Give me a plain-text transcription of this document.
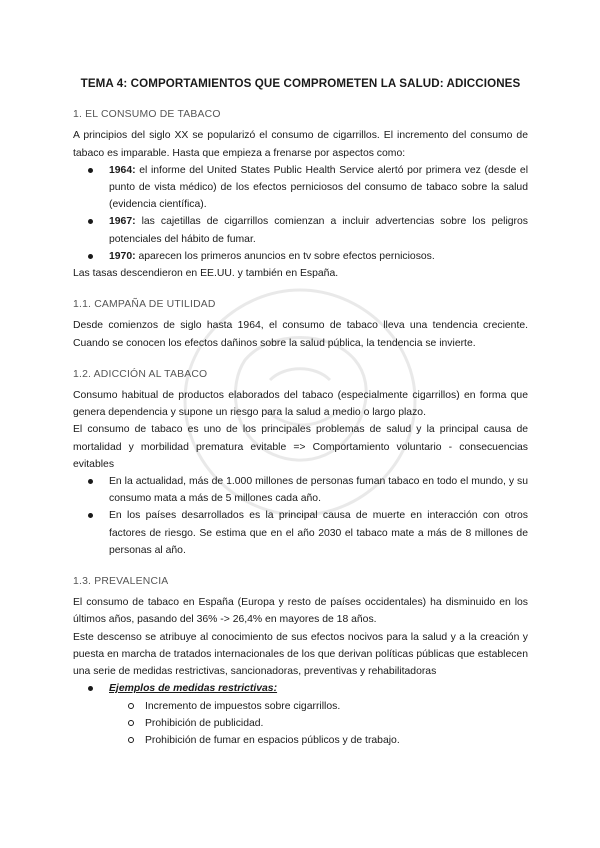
TEMA 4: COMPORTAMIENTOS QUE COMPROMETEN LA SALUD: ADICCIONES
1. EL CONSUMO DE TABACO

A principios del siglo XX se popularizó el consumo de cigarrillos. El incremento del consumo de tabaco es imparable. Hasta que empieza a frenarse por aspectos como:

1964: el informe del United States Public Health Service alertó por primera vez (desde el punto de vista médico) de los efectos perniciosos del consumo de tabaco sobre la salud (evidencia científica).
1967: las cajetillas de cigarrillos comienzan a incluir advertencias sobre los peligros potenciales del hábito de fumar.
1970: aparecen los primeros anuncios en tv sobre efectos perniciosos.

Las tasas descendieron en EE.UU. y también en España.

1.1. CAMPAÑA DE UTILIDAD

Desde comienzos de siglo hasta 1964, el consumo de tabaco lleva una tendencia creciente. Cuando se conocen los efectos dañinos sobre la salud pública, la tendencia se invierte.

1.2. ADICCIÓN AL TABACO

Consumo habitual de productos elaborados del tabaco (especialmente cigarrillos) en forma que genera dependencia y supone un riesgo para la salud a medio o largo plazo.

El consumo de tabaco es uno de los principales problemas de salud y la principal causa de mortalidad y morbilidad prematura evitable => Comportamiento voluntario - consecuencias evitables

En la actualidad, más de 1.000 millones de personas fuman tabaco en todo el mundo, y su consumo mata a más de 5 millones cada año.
En los países desarrollados es la principal causa de muerte en interacción con otros factores de riesgo. Se estima que en el año 2030 el tabaco mate a más de 8 millones de personas al año.
1.3. PREVALENCIA

El consumo de tabaco en España (Europa y resto de países occidentales) ha disminuido en los últimos años, pasando del 36% -> 26,4% en mayores de 18 años.

Este descenso se atribuye al conocimiento de sus efectos nocivos para la salud y a la creación y puesta en marcha de tratados internacionales de los que derivan políticas públicas que establecen una serie de medidas restrictivas, sancionadoras, preventivas y rehabilitadoras

Ejemplos de medidas restrictivas:
Incremento de impuestos sobre cigarrillos.
Prohibición de publicidad.
Prohibición de fumar en espacios públicos y de trabajo.
